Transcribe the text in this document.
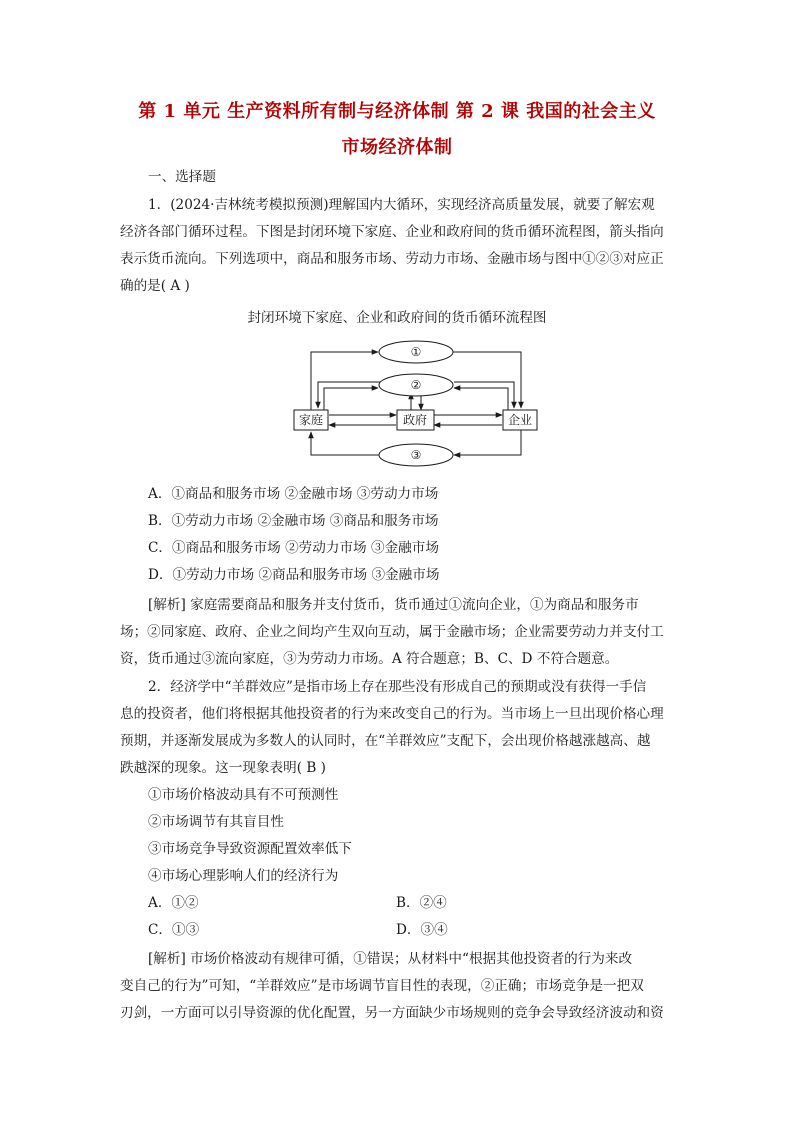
第 1 单元 生产资料所有制与经济体制 第 2 课 我国的社会主义
市场经济体制
一、选择题
1．(2024·吉林统考模拟预测)理解国内大循环，实现经济高质量发展，就要了解宏观
经济各部门循环过程。下图是封闭环境下家庭、企业和政府间的货币循环流程图，箭头指向
表示货币流向。下列选项中，商品和服务市场、劳动力市场、金融市场与图中①②③对应正
确的是( A )
封闭环境下家庭、企业和政府间的货币循环流程图
①
②
③
家庭	政府	企业
A．①商品和服务市场 ②金融市场 ③劳动力市场
B．①劳动力市场 ②金融市场 ③商品和服务市场
C．①商品和服务市场 ②劳动力市场 ③金融市场
D．①劳动力市场 ②商品和服务市场 ③金融市场
[解析] 家庭需要商品和服务并支付货币，货币通过①流向企业，①为商品和服务市
场；②同家庭、政府、企业之间均产生双向互动，属于金融市场；企业需要劳动力并支付工
资，货币通过③流向家庭，③为劳动力市场。A 符合题意；B、C、D 不符合题意。
2．经济学中“羊群效应”是指市场上存在那些没有形成自己的预期或没有获得一手信
息的投资者，他们将根据其他投资者的行为来改变自己的行为。当市场上一旦出现价格心理
预期，并逐渐发展成为多数人的认同时，在“羊群效应”支配下，会出现价格越涨越高、越
跌越深的现象。这一现象表明( B )
①市场价格波动具有不可预测性
②市场调节有其盲目性
③市场竞争导致资源配置效率低下
④市场心理影响人们的经济行为
A．①②	B．②④
C．①③	D．③④
[解析] 市场价格波动有规律可循，①错误；从材料中“根据其他投资者的行为来改
变自己的行为”可知，“羊群效应”是市场调节盲目性的表现，②正确；市场竞争是一把双
刃剑，一方面可以引导资源的优化配置，另一方面缺少市场规则的竞争会导致经济波动和资
